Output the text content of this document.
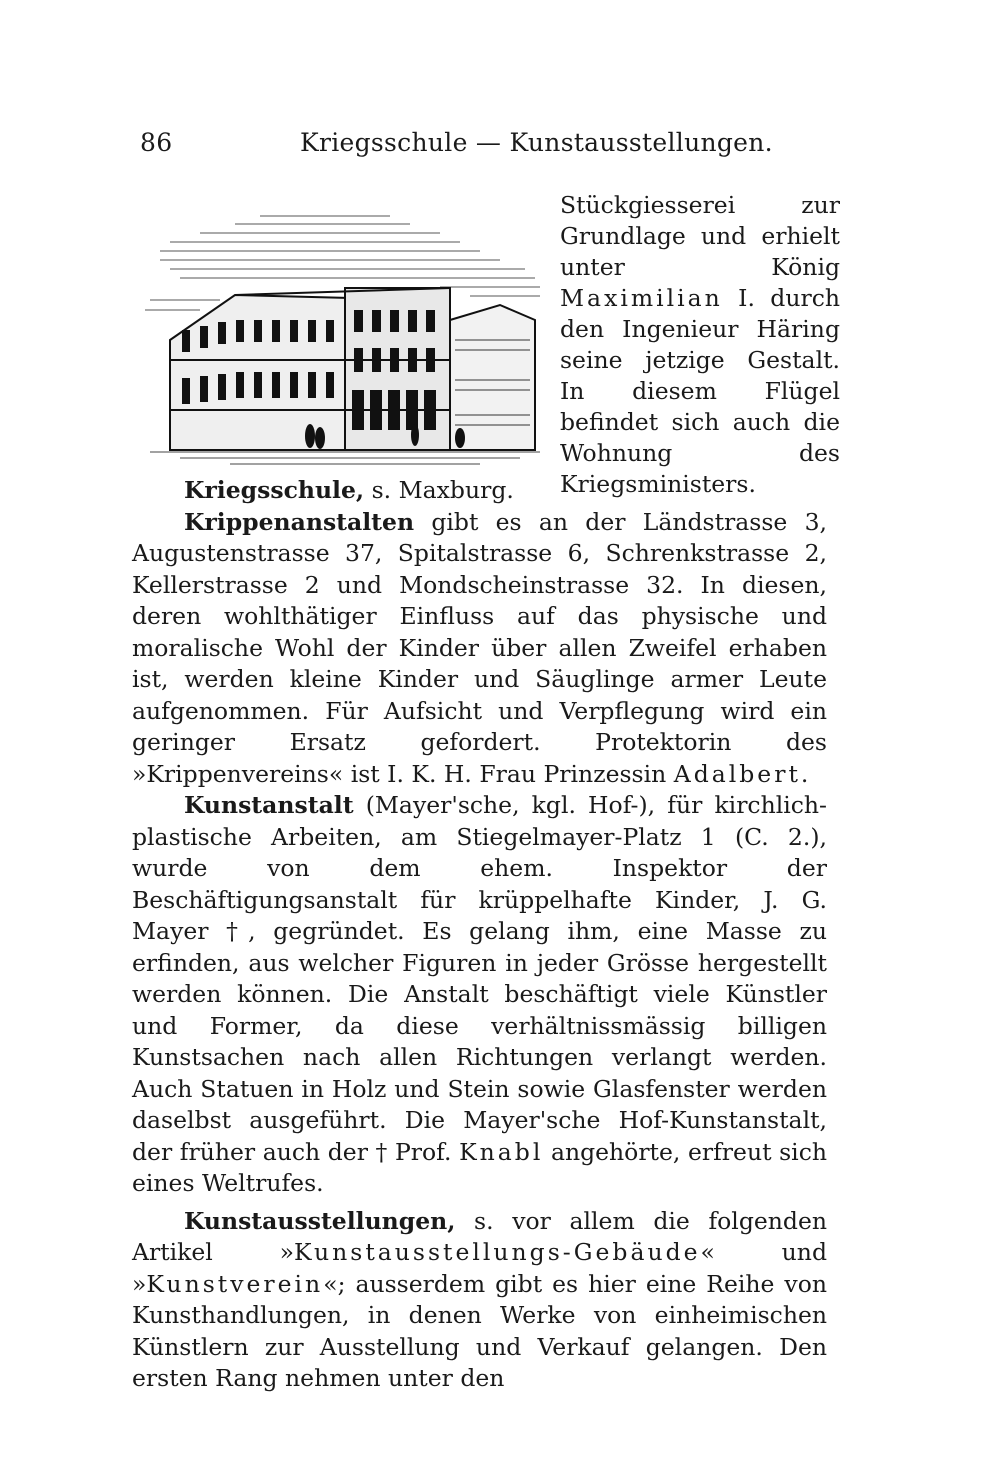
86	Kriegsschule — Kunstausstellungen.
Stückgiesserei zur Grundlage und erhielt unter König Maximilian I. durch den Ingenieur Häring seine jetzige Gestalt. In diesem Flügel befindet sich auch die Wohnung des Kriegsministers.

Kriegsschule, s. Maxburg.

Krippenanstalten gibt es an der Ländstrasse 3, Augustenstrasse 37, Spitalstrasse 6, Schrenkstrasse 2, Kellerstrasse 2 und Mondscheinstrasse 32. In diesen, deren wohlthätiger Einfluss auf das physische und moralische Wohl der Kinder über allen Zweifel erhaben ist, werden kleine Kinder und Säuglinge armer Leute aufgenommen. Für Aufsicht und Verpflegung wird ein geringer Ersatz gefordert. Protektorin des »Krippenvereins« ist I. K. H. Frau Prinzessin Adalbert.

Kunstanstalt (Mayer'sche, kgl. Hof-), für kirchlich-plastische Arbeiten, am Stiegelmayer-Platz 1 (C. 2.), wurde von dem ehem. Inspektor der Beschäftigungsanstalt für krüppelhafte Kinder, J. G. Mayer †, gegründet. Es gelang ihm, eine Masse zu erfinden, aus welcher Figuren in jeder Grösse hergestellt werden können. Die Anstalt beschäftigt viele Künstler und Former, da diese verhältnissmässig billigen Kunstsachen nach allen Richtungen verlangt werden. Auch Statuen in Holz und Stein sowie Glasfenster werden daselbst ausgeführt. Die Mayer'sche Hof-Kunstanstalt, der früher auch der † Prof. Knabl angehörte, erfreut sich eines Weltrufes.

Kunstausstellungen, s. vor allem die folgenden Artikel »Kunstausstellungs-Gebäude« und »Kunstverein«; ausserdem gibt es hier eine Reihe von Kunsthandlungen, in denen Werke von einheimischen Künstlern zur Ausstellung und Verkauf gelangen. Den ersten Rang nehmen unter den
